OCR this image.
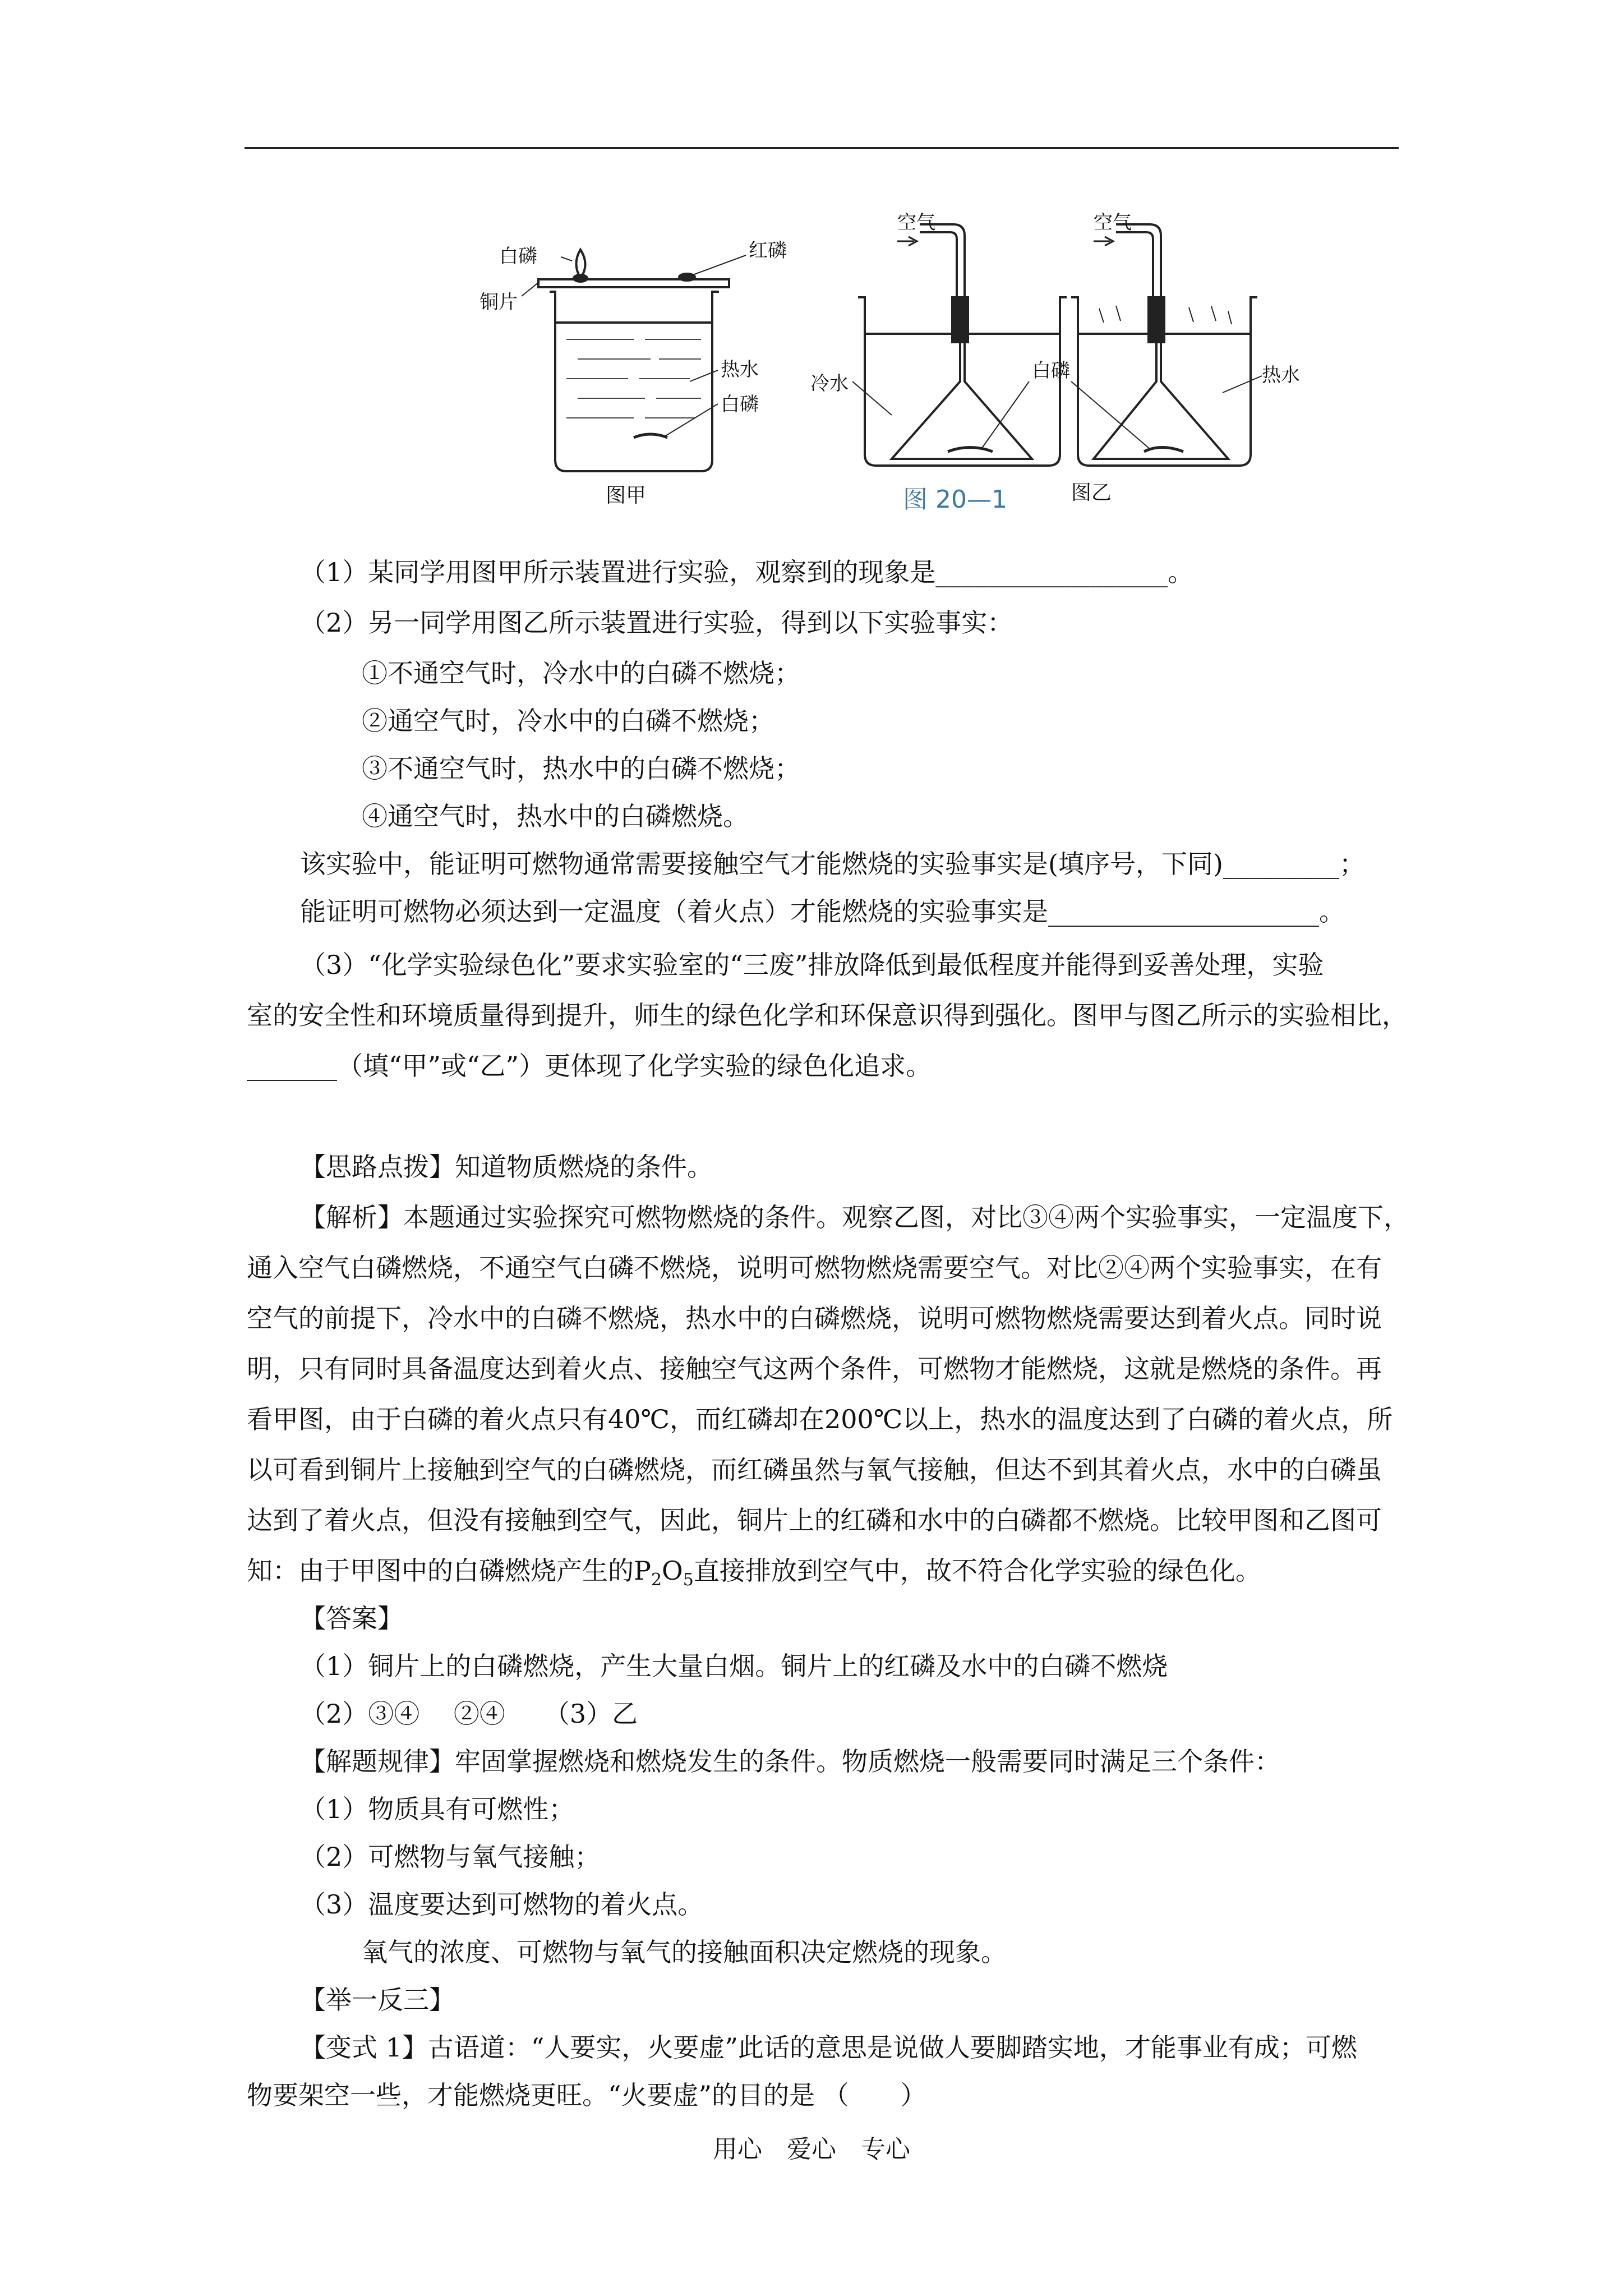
白磷	红磷
铜片
热水
白磷
图甲
空气
冷水
白磷
空气
热水
图乙
图 20—1
（1）某同学用图甲所示装置进行实验，观察到的现象是__________________。
（2）另一同学用图乙所示装置进行实验，得到以下实验事实：
①不通空气时，冷水中的白磷不燃烧；
②通空气时，冷水中的白磷不燃烧；
③不通空气时，热水中的白磷不燃烧；
④通空气时，热水中的白磷燃烧。
该实验中，能证明可燃物通常需要接触空气才能燃烧的实验事实是(填序号，下同)_________；
能证明可燃物必须达到一定温度（着火点）才能燃烧的实验事实是_____________________。
（3）“化学实验绿色化”要求实验室的“三废”排放降低到最低程度并能得到妥善处理，实验
室的安全性和环境质量得到提升，师生的绿色化学和环保意识得到强化。图甲与图乙所示的实验相比，
_______（填“甲”或“乙”）更体现了化学实验的绿色化追求。
【思路点拨】知道物质燃烧的条件。
【解析】本题通过实验探究可燃物燃烧的条件。观察乙图，对比③④两个实验事实，一定温度下，
通入空气白磷燃烧，不通空气白磷不燃烧，说明可燃物燃烧需要空气。对比②④两个实验事实，在有
空气的前提下，冷水中的白磷不燃烧，热水中的白磷燃烧，说明可燃物燃烧需要达到着火点。同时说
明，只有同时具备温度达到着火点、接触空气这两个条件，可燃物才能燃烧，这就是燃烧的条件。再
看甲图，由于白磷的着火点只有40℃，而红磷却在200℃以上，热水的温度达到了白磷的着火点，所
以可看到铜片上接触到空气的白磷燃烧，而红磷虽然与氧气接触，但达不到其着火点，水中的白磷虽
达到了着火点，但没有接触到空气，因此，铜片上的红磷和水中的白磷都不燃烧。比较甲图和乙图可
知：由于甲图中的白磷燃烧产生的$P_2O_5$直接排放到空气中，故不符合化学实验的绿色化。
【答案】
（1）铜片上的白磷燃烧，产生大量白烟。铜片上的红磷及水中的白磷不燃烧
（2）③④　 ②④　　（3）乙
【解题规律】牢固掌握燃烧和燃烧发生的条件。物质燃烧一般需要同时满足三个条件：
（1）物质具有可燃性；
（2）可燃物与氧气接触；
（3）温度要达到可燃物的着火点。
氧气的浓度、可燃物与氧气的接触面积决定燃烧的现象。
【举一反三】
【变式 1】古语道：“人要实，火要虚”此话的意思是说做人要脚踏实地，才能事业有成；可燃
物要架空一些，才能燃烧更旺。“火要虚”的目的是 （　　）
用心　爱心　专心
